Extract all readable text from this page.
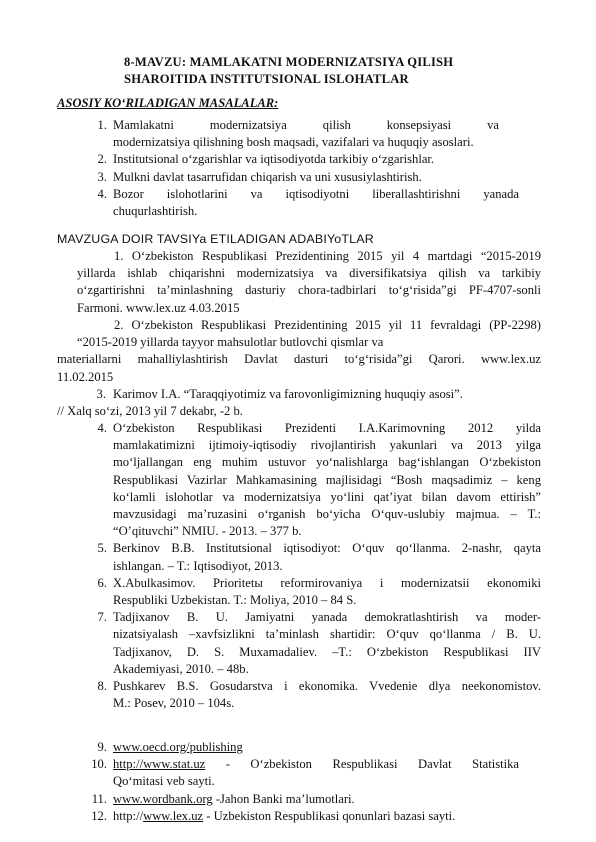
8-MAVZU: MAMLAKATNI MODERNIZATSIYA QILISH
SHAROITIDA INSTITUTSIONAL ISLOHATLAR
ASOSIY KO‘RILADIGAN MASALALAR:
1. Mamlakatni modernizatsiya qilish konsepsiyasi va
modernizatsiya qilishning bosh maqsadi, vazifalari va huquqiy asoslari.
2. Institutsional o‘zgarishlar va iqtisodiyotda tarkibiy o‘zgarishlar.
3. Mulkni davlat tasarrufidan chiqarish va uni xususiylashtirish.
4. Bozor islohotlarini va iqtisodiyotni liberallashtirishni yanada
chuqurlashtirish.
MAVZUGA DOIR TAVSIYa ETILADIGAN ADABIYoTLAR
1. O‘zbekiston Respublikasi Prezidentining 2015 yil 4 martdagi “2015-2019
yillarda ishlab chiqarishni modernizatsiya va diversifikatsiya qilish va tarkibiy
o‘zgartirishni ta’minlashning dasturiy chora-tadbirlari to‘g‘risida”gi PF-4707-sonli
Farmoni. www.lex.uz 4.03.2015
2. O‘zbekiston Respublikasi Prezidentining 2015 yil 11 fevraldagi (PP-2298)
“2015-2019 yillarda tayyor mahsulotlar butlovchi qismlar va
materiallarni mahalliylashtirish Davlat dasturi to‘g‘risida”gi Qarori. www.lex.uz
11.02.2015
3. Karimov I.A. “Taraqqiyotimiz va farovonligimizning huquqiy asosi”.
// Xalq so‘zi, 2013 yil 7 dekabr, -2 b.
4. O‘zbekiston Respublikasi Prezidenti I.A.Karimovning 2012 yilda
mamlakatimizni ijtimoiy-iqtisodiy rivojlantirish yakunlari va 2013 yilga
mo‘ljallangan eng muhim ustuvor yo‘nalishlarga bag‘ishlangan O‘zbekiston
Respublikasi Vazirlar Mahkamasining majlisidagi “Bosh maqsadimiz – keng
ko‘lamli islohotlar va modernizatsiya yo‘lini qat’iyat bilan davom ettirish”
mavzusidagi ma’ruzasini o‘rganish bo‘yicha O‘quv-uslubiy majmua. – T.:
“O’qituvchi” NMIU. - 2013. – 377 b.
5. Berkinov B.B. Institutsional iqtisodiyot: O‘quv qo‘llanma. 2-nashr, qayta
ishlangan. – T.: Iqtisodiyot, 2013.
6. X.Abulkasimov. Prioritetы reformirovaniya i modernizatsii ekonomiki
Respubliki Uzbekistan. T.: Moliya, 2010 – 84 S.
7. Tadjixanov B. U. Jamiyatni yanada demokratlashtirish va moder-
nizatsiyalash –xavfsizlikni ta’minlash shartidir: O‘quv qo‘llanma / B. U.
Tadjixanov, D. S. Muxamadaliev. –T.: O‘zbekiston Respublikasi IIV
Akademiyasi, 2010. – 48b.
8. Pushkarev B.S. Gosudarstva i ekonomika. Vvedenie dlya neekonomistov.
M.: Posev, 2010 – 104s.
9. www.oecd.org/publishing
10. http://www.stat.uz - O‘zbekiston Respublikasi Davlat Statistika
Qo‘mitasi veb sayti.
11. www.wordbank.org -Jahon Banki ma’lumotlari.
12. http://www.lex.uz - Uzbekiston Respublikasi qonunlari bazasi sayti.
